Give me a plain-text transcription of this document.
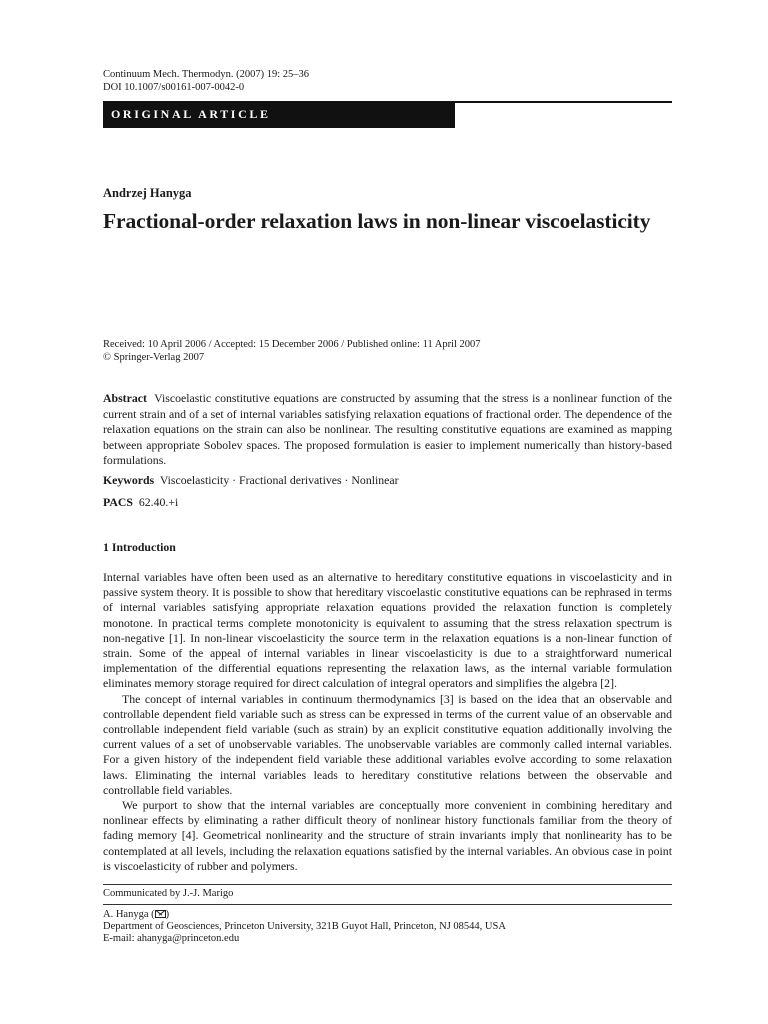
Continuum Mech. Thermodyn. (2007) 19: 25–36
DOI 10.1007/s00161-007-0042-0
ORIGINAL ARTICLE
Andrzej Hanyga
Fractional-order relaxation laws in non-linear viscoelasticity
Received: 10 April 2006 / Accepted: 15 December 2006 / Published online: 11 April 2007
© Springer-Verlag 2007
Abstract Viscoelastic constitutive equations are constructed by assuming that the stress is a nonlinear function of the current strain and of a set of internal variables satisfying relaxation equations of fractional order. The dependence of the relaxation equations on the strain can also be nonlinear. The resulting constitutive equations are examined as mapping between appropriate Sobolev spaces. The proposed formulation is easier to implement numerically than history-based formulations.
Keywords Viscoelasticity · Fractional derivatives · Nonlinear
PACS 62.40.+i
1 Introduction

Internal variables have often been used as an alternative to hereditary constitutive equations in viscoelasticity and in passive system theory. It is possible to show that hereditary viscoelastic constitutive equations can be rephrased in terms of internal variables satisfying appropriate relaxation equations provided the relaxation function is completely monotone. In practical terms complete monotonicity is equivalent to assuming that the stress relaxation spectrum is non-negative [1]. In non-linear viscoelasticity the source term in the relaxation equations is a non-linear function of strain. Some of the appeal of internal variables in linear viscoelasticity is due to a straightforward numerical implementation of the differential equations representing the relaxation laws, as the internal variable formulation eliminates memory storage required for direct calculation of integral operators and simplifies the algebra [2].

The concept of internal variables in continuum thermodynamics [3] is based on the idea that an observable and controllable dependent field variable such as stress can be expressed in terms of the current value of an observable and controllable independent field variable (such as strain) by an explicit constitutive equation additionally involving the current values of a set of unobservable variables. The unobservable variables are commonly called internal variables. For a given history of the independent field variable these additional variables evolve according to some relaxation laws. Eliminating the internal variables leads to hereditary constitutive relations between the observable and controllable field variables.

We purport to show that the internal variables are conceptually more convenient in combining hereditary and nonlinear effects by eliminating a rather difficult theory of nonlinear history functionals familiar from the theory of fading memory [4]. Geometrical nonlinearity and the structure of strain invariants imply that nonlinearity has to be contemplated at all levels, including the relaxation equations satisfied by the internal variables. An obvious case in point is viscoelasticity of rubber and polymers.

Communicated by J.-J. Marigo
A. Hanyga ( )
Department of Geosciences, Princeton University, 321B Guyot Hall, Princeton, NJ 08544, USA
E-mail: ahanyga@princeton.edu
